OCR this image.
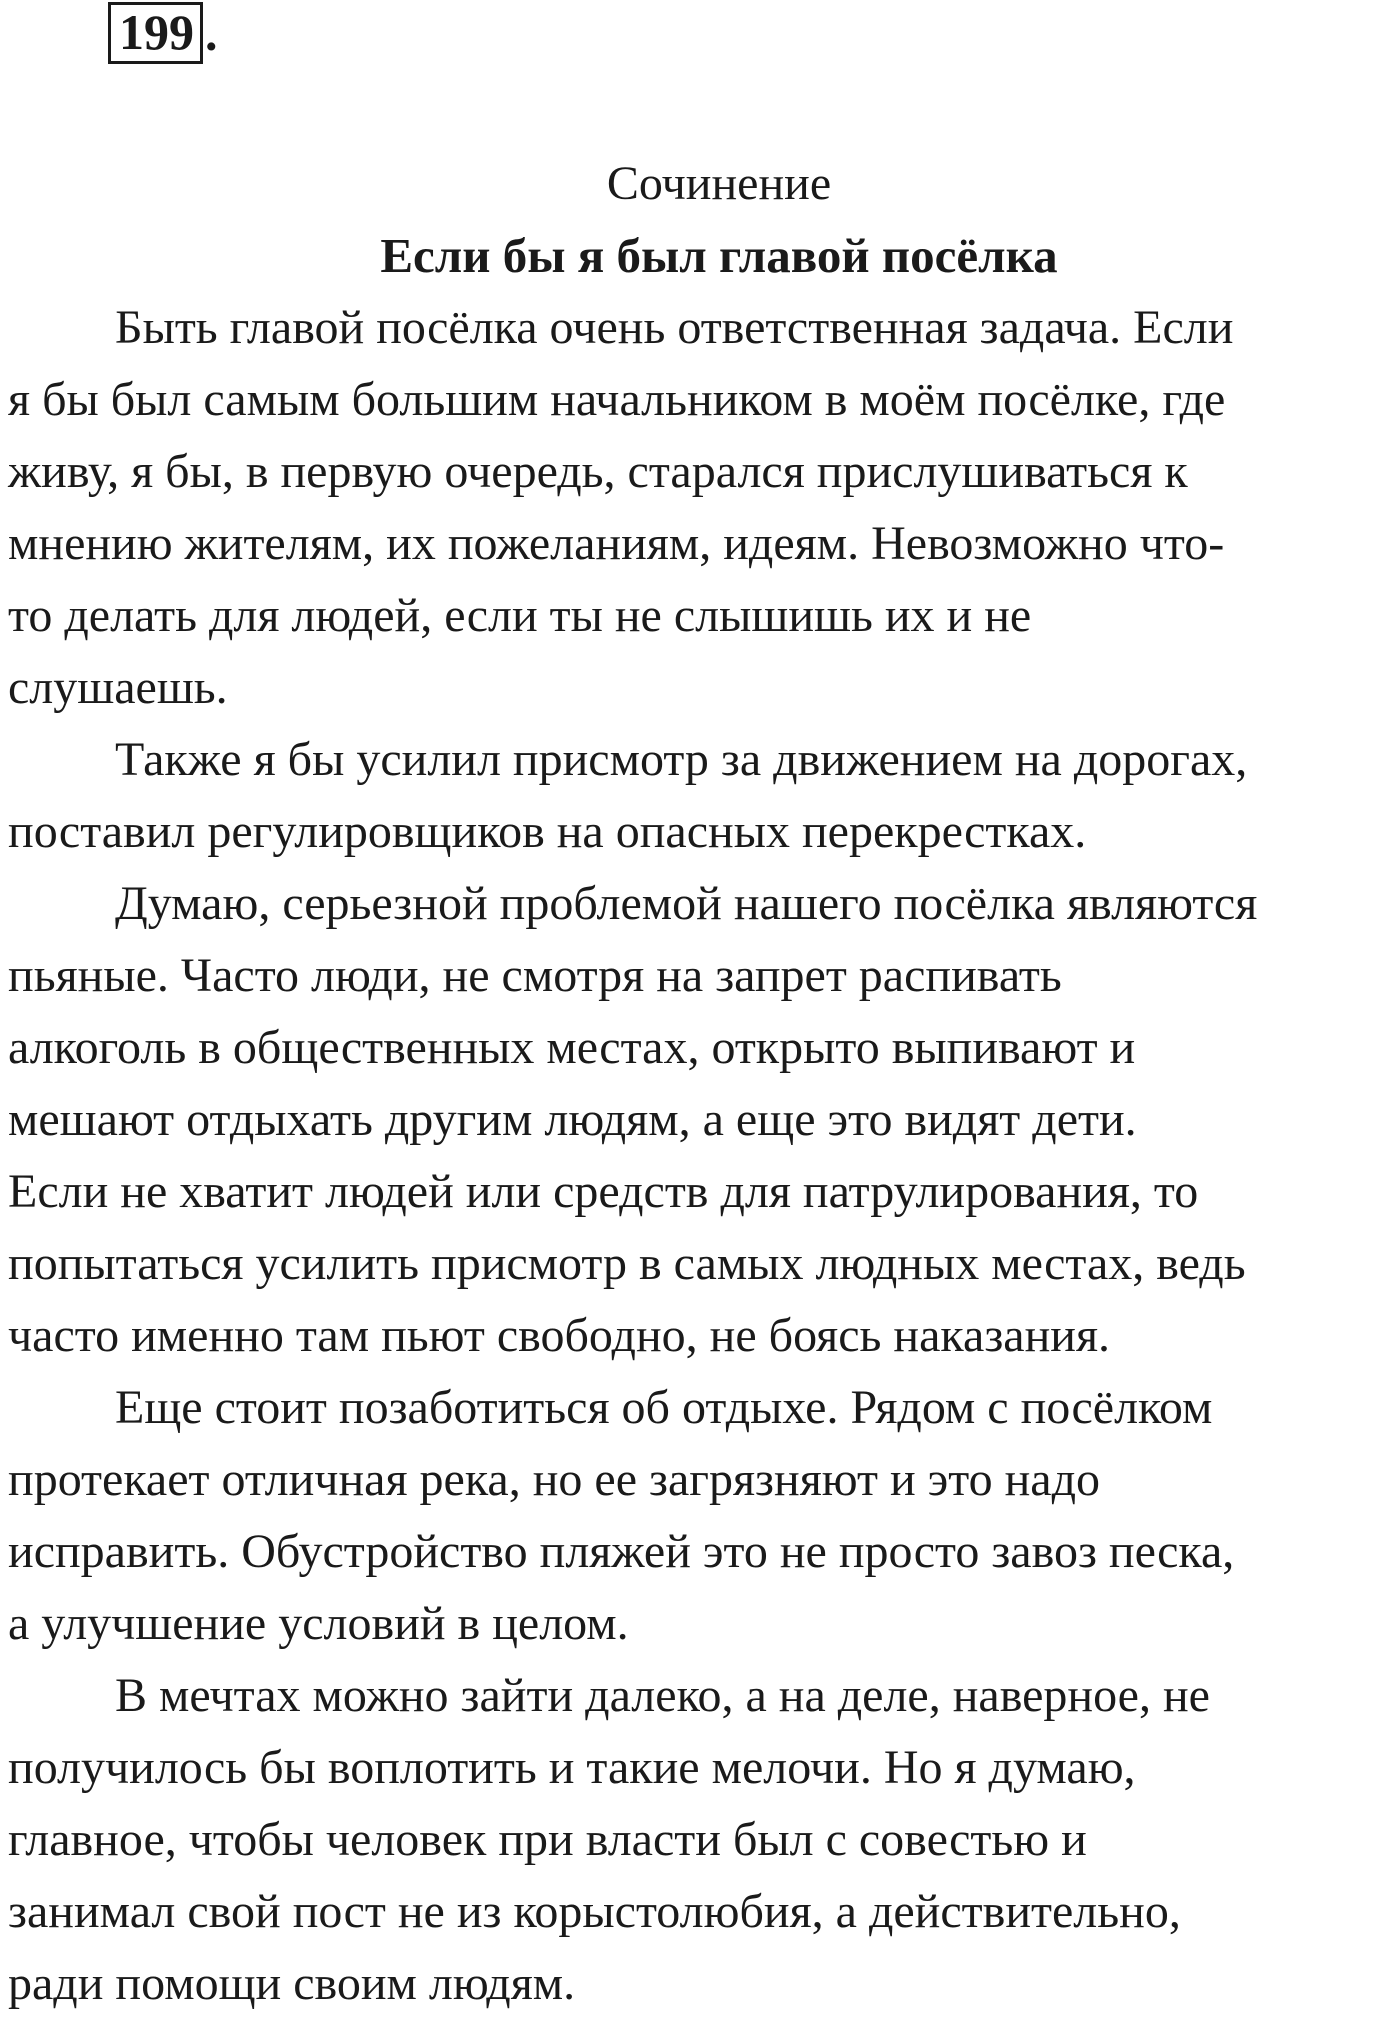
199 .
Сочинение
Если бы я был главой посёлка
Быть главой посёлка очень ответственная задача. Если
я бы был самым большим начальником в моём посёлке, где
живу, я бы, в первую очередь, старался прислушиваться к
мнению жителям, их пожеланиям, идеям. Невозможно что-
то делать для людей, если ты не слышишь их и не
слушаешь.
Также я бы усилил присмотр за движением на дорогах,
поставил регулировщиков на опасных перекрестках.
Думаю, серьезной проблемой нашего посёлка являются
пьяные. Часто люди, не смотря на запрет распивать
алкоголь в общественных местах, открыто выпивают и
мешают отдыхать другим людям, а еще это видят дети.
Если не хватит людей или средств для патрулирования, то
попытаться усилить присмотр в самых людных местах, ведь
часто именно там пьют свободно, не боясь наказания.
Еще стоит позаботиться об отдыхе. Рядом с посёлком
протекает отличная река, но ее загрязняют и это надо
исправить. Обустройство пляжей это не просто завоз песка,
а улучшение условий в целом.
В мечтах можно зайти далеко, а на деле, наверное, не
получилось бы воплотить и такие мелочи. Но я думаю,
главное, чтобы человек при власти был с совестью и
занимал свой пост не из корыстолюбия, а действительно,
ради помощи своим людям.
